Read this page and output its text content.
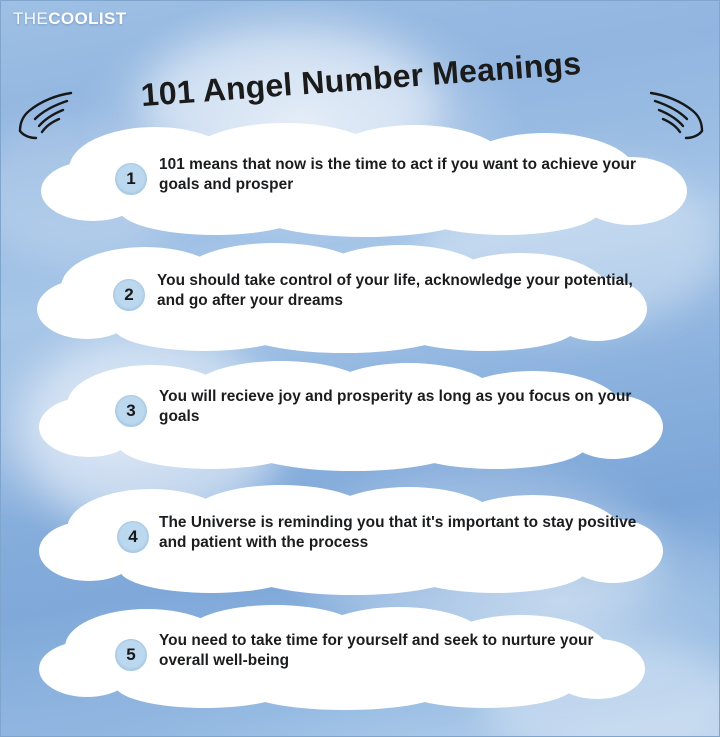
THECOOLIST
101 Angel Number Meanings
1
101 means that now is the time to act if you want to achieve your goals and prosper
2
You should take control of your life, acknowledge your potential, and go after your dreams
3
You will recieve joy and prosperity as long as you focus on your goals
4
The Universe is reminding you that it's important to stay positive and patient with the process
5
You need to take time for yourself and seek to nurture your overall well-being
